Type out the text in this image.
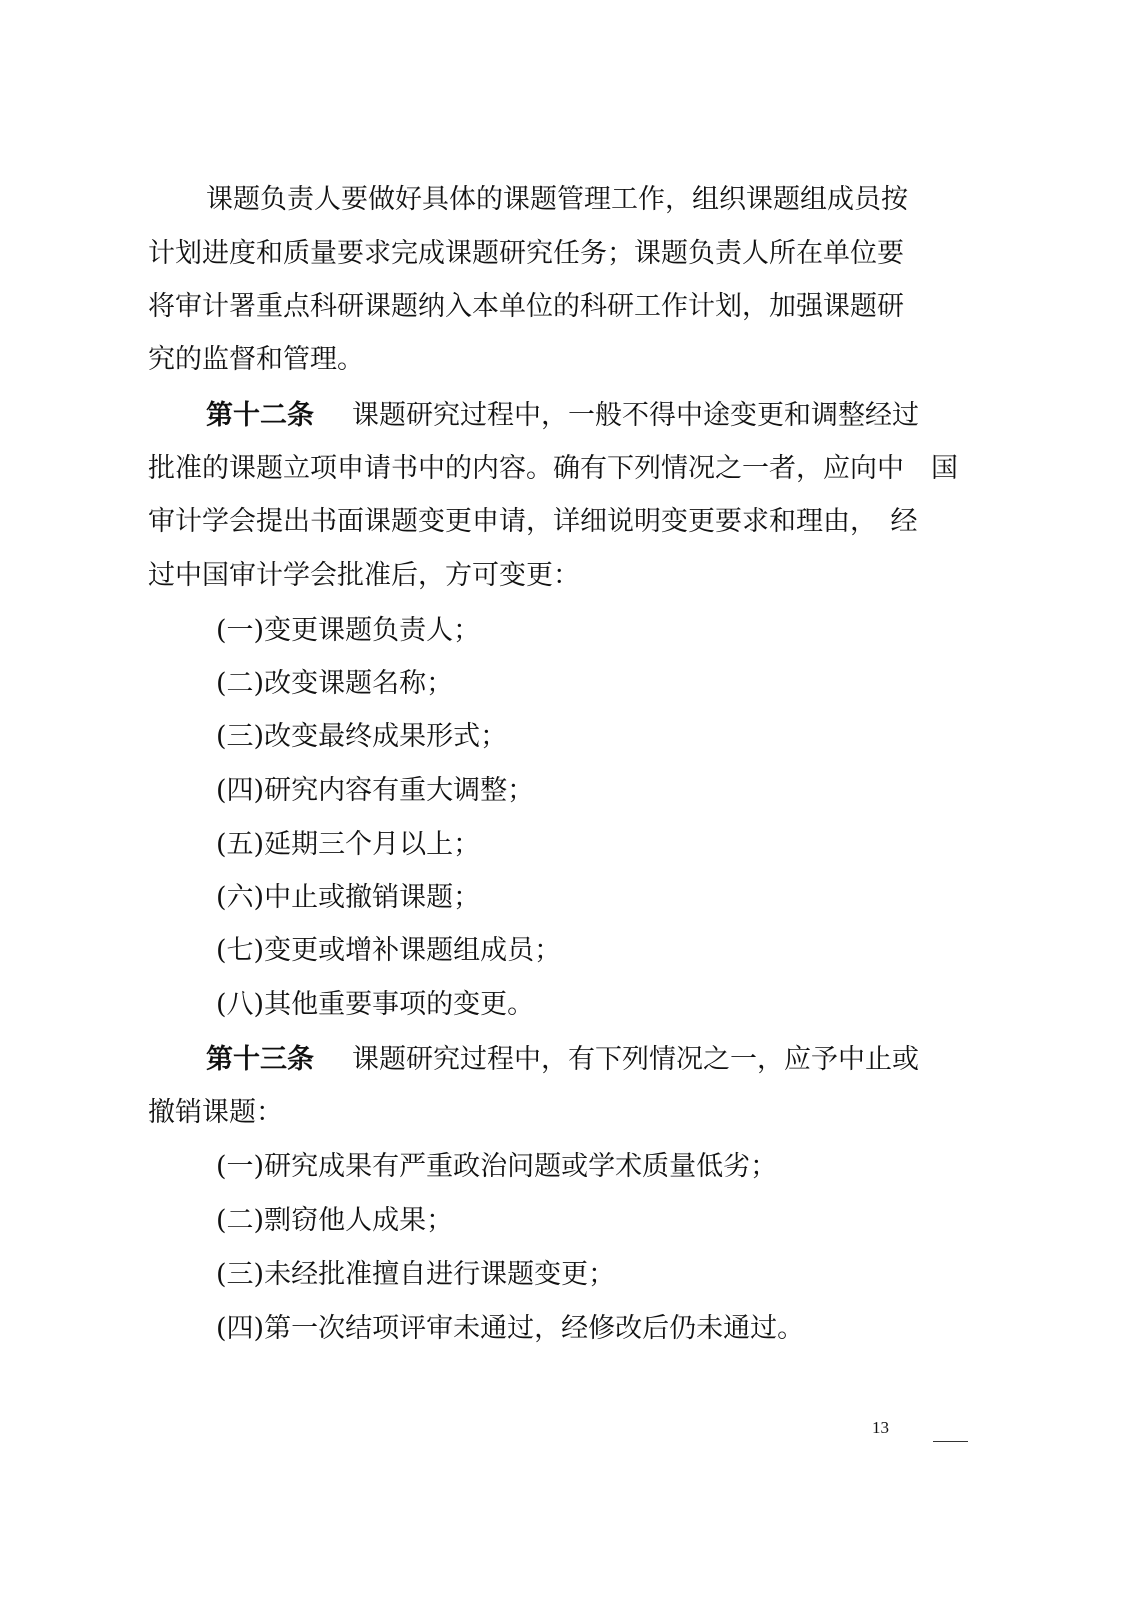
课题负责人要做好具体的课题管理工作，组织课题组成员按
计划进度和质量要求完成课题研究任务；课题负责人所在单位要
将审计署重点科研课题纳入本单位的科研工作计划，加强课题研
究的监督和管理。
第十二条 课题研究过程中，一般不得中途变更和调整经过
批准的课题立项申请书中的内容。确有下列情况之一者，应向中　国
审计学会提出书面课题变更申请，详细说明变更要求和理由，　经
过中国审计学会批准后，方可变更：
(一)变更课题负责人；
(二)改变课题名称；
(三)改变最终成果形式；
(四)研究内容有重大调整；
(五)延期三个月以上；
(六)中止或撤销课题；
(七)变更或增补课题组成员；
(八)其他重要事项的变更。
第十三条 课题研究过程中，有下列情况之一，应予中止或
撤销课题：
(一)研究成果有严重政治问题或学术质量低劣；
(二)剽窃他人成果；
(三)未经批准擅自进行课题变更；
(四)第一次结项评审未通过，经修改后仍未通过。
13
